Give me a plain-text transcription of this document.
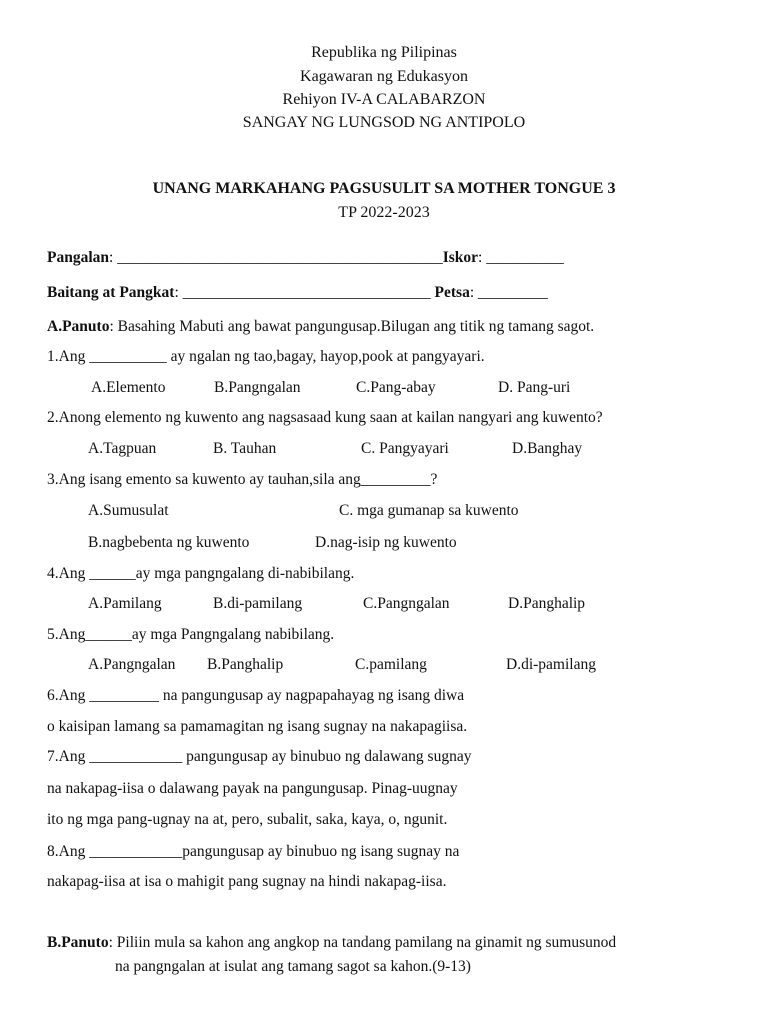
Republika ng Pilipinas
Kagawaran ng Edukasyon
Rehiyon IV-A CALABARZON
SANGAY NG LUNGSOD NG ANTIPOLO
UNANG MARKAHANG PAGSUSULIT SA MOTHER TONGUE 3
TP 2022-2023
Pangalan: __________________________________________Iskor: __________
Baitang at Pangkat: ________________________________ Petsa: _________
A.Panuto: Basahing Mabuti ang bawat pangungusap.Bilugan ang titik ng tamang sagot.
1.Ang __________ ay ngalan ng tao,bagay, hayop,pook at pangyayari.
A.Elemento	B.Pangngalan	C.Pang-abay	D. Pang-uri
2.Anong elemento ng kuwento ang nagsasaad kung saan at kailan nangyari ang kuwento?
A.Tagpuan	B. Tauhan	C. Pangyayari	D.Banghay
3.Ang isang emento sa kuwento ay tauhan,sila ang_________?
A.Sumusulat	C. mga gumanap sa kuwento
B.nagbebenta ng kuwento	D.nag-isip ng kuwento
4.Ang ______ay mga pangngalang di-nabibilang.
A.Pamilang	B.di-pamilang	C.Pangngalan	D.Panghalip
5.Ang______ay mga Pangngalang nabibilang.
A.Pangngalan B.Panghalip	C.pamilang	D.di-pamilang
6.Ang _________ na pangungusap ay nagpapahayag ng isang diwa
o kaisipan lamang sa pamamagitan ng isang sugnay na nakapagiisa.
7.Ang ____________ pangungusap ay binubuo ng dalawang sugnay
na nakapag-iisa o dalawang payak na pangungusap. Pinag-uugnay
ito ng mga pang-ugnay na at, pero, subalit, saka, kaya, o, ngunit.
8.Ang ____________pangungusap ay binubuo ng isang sugnay na
nakapag-iisa at isa o mahigit pang sugnay na hindi nakapag-iisa.
B.Panuto: Piliin mula sa kahon ang angkop na tandang pamilang na ginamit ng sumusunod
na pangngalan at isulat ang tamang sagot sa kahon.(9-13)
